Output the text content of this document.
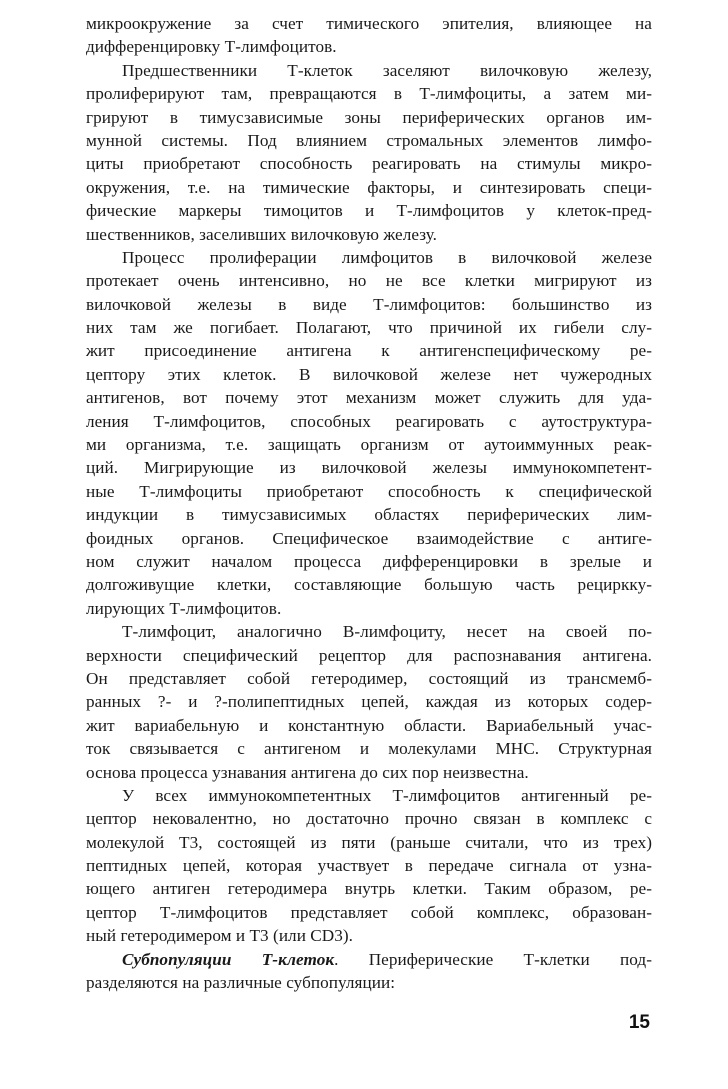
микроокружение за счет тимического эпителия, влияющее на
дифференцировку Т-лимфоцитов.
Предшественники Т-клеток заселяют вилочковую железу,
пролиферируют там, превращаются в Т-лимфоциты, а затем ми-
грируют в тимусзависимые зоны периферических органов им-
мунной системы. Под влиянием стромальных элементов лимфо-
циты приобретают способность реагировать на стимулы микро-
окружения, т.е. на тимические факторы, и синтезировать специ-
фические маркеры тимоцитов и Т-лимфоцитов у клеток-пред-
шественников, заселивших вилочковую железу.
Процесс пролиферации лимфоцитов в вилочковой железе
протекает очень интенсивно, но не все клетки мигрируют из
вилочковой железы в виде Т-лимфоцитов: большинство из
них там же погибает. Полагают, что причиной их гибели слу-
жит присоединение антигена к антигенспецифическому ре-
цептору этих клеток. В вилочковой железе нет чужеродных
антигенов, вот почему этот механизм может служить для уда-
ления Т-лимфоцитов, способных реагировать с аутоструктура-
ми организма, т.е. защищать организм от аутоиммунных реак-
ций. Мигрирующие из вилочковой железы иммунокомпетент-
ные Т-лимфоциты приобретают способность к специфической
индукции в тимусзависимых областях периферических лим-
фоидных органов. Специфическое взаимодействие с антиге-
ном служит началом процесса дифференцировки в зрелые и
долгоживущие клетки, составляющие большую часть рециркку-
лирующих Т-лимфоцитов.
Т-лимфоцит, аналогично В-лимфоциту, несет на своей по-
верхности специфический рецептор для распознавания антигена.
Он представляет собой гетеродимер, состоящий из трансмемб-
ранных ?- и ?-полипептидных цепей, каждая из которых содер-
жит вариабельную и константную области. Вариабельный учас-
ток связывается с антигеном и молекулами МНС. Структурная
основа процесса узнавания антигена до сих пор неизвестна.
У всех иммунокомпетентных Т-лимфоцитов антигенный ре-
цептор нековалентно, но достаточно прочно связан в комплекс с
молекулой Т3, состоящей из пяти (раньше считали, что из трех)
пептидных цепей, которая участвует в передаче сигнала от узна-
ющего антиген гетеродимера внутрь клетки. Таким образом, ре-
цептор Т-лимфоцитов представляет собой комплекс, образован-
ный гетеродимером и Т3 (или CD3).
Субпопуляции Т-клеток. Периферические Т-клетки под-
разделяются на различные субпопуляции:
15
